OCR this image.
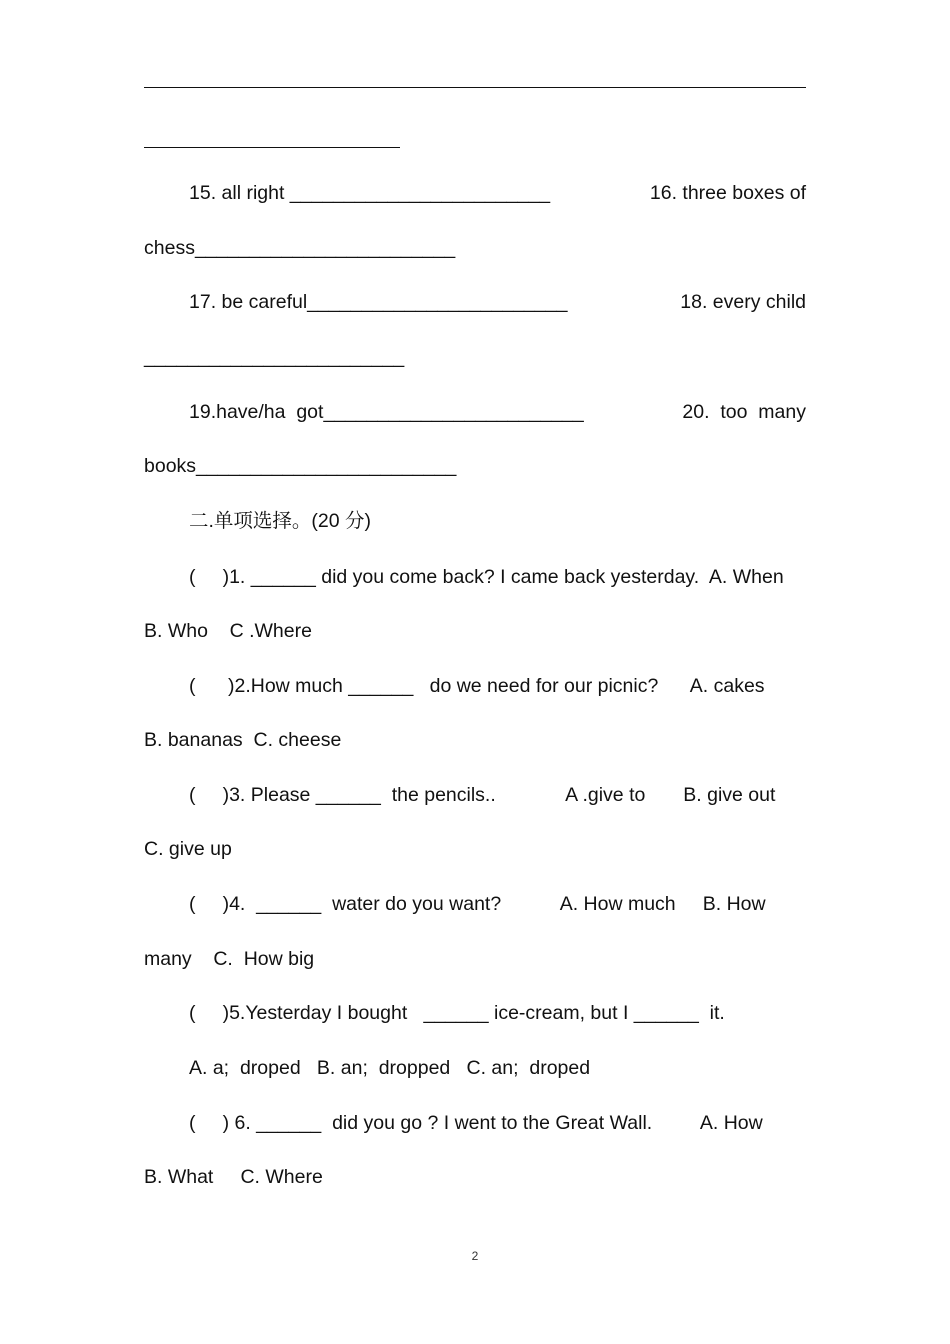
15. all right ________________________	16. three boxes of
chess________________________
17. be careful________________________	18. every child
________________________
19.have/ha  got________________________	20.  too  many
books________________________
二.单项选择。(20 分)
(     )1. ______ did you come back? I came back yesterday.  A. When
B. Who    C .Where
(      )2.How much ______   do we need for our picnic?      A. cakes
B. bananas  C. cheese
(     )3. Please ______  the pencils..             A .give to       B. give out
C. give up
(     )4.  ______  water do you want?           A. How much     B. How
many    C.  How big
(     )5.Yesterday I bought   ______ ice-cream, but I ______  it.
A. a;  droped   B. an;  dropped   C. an;  droped
(     ) 6. ______  did you go ? I went to the Great Wall.         A. How
B. What     C. Where
2
